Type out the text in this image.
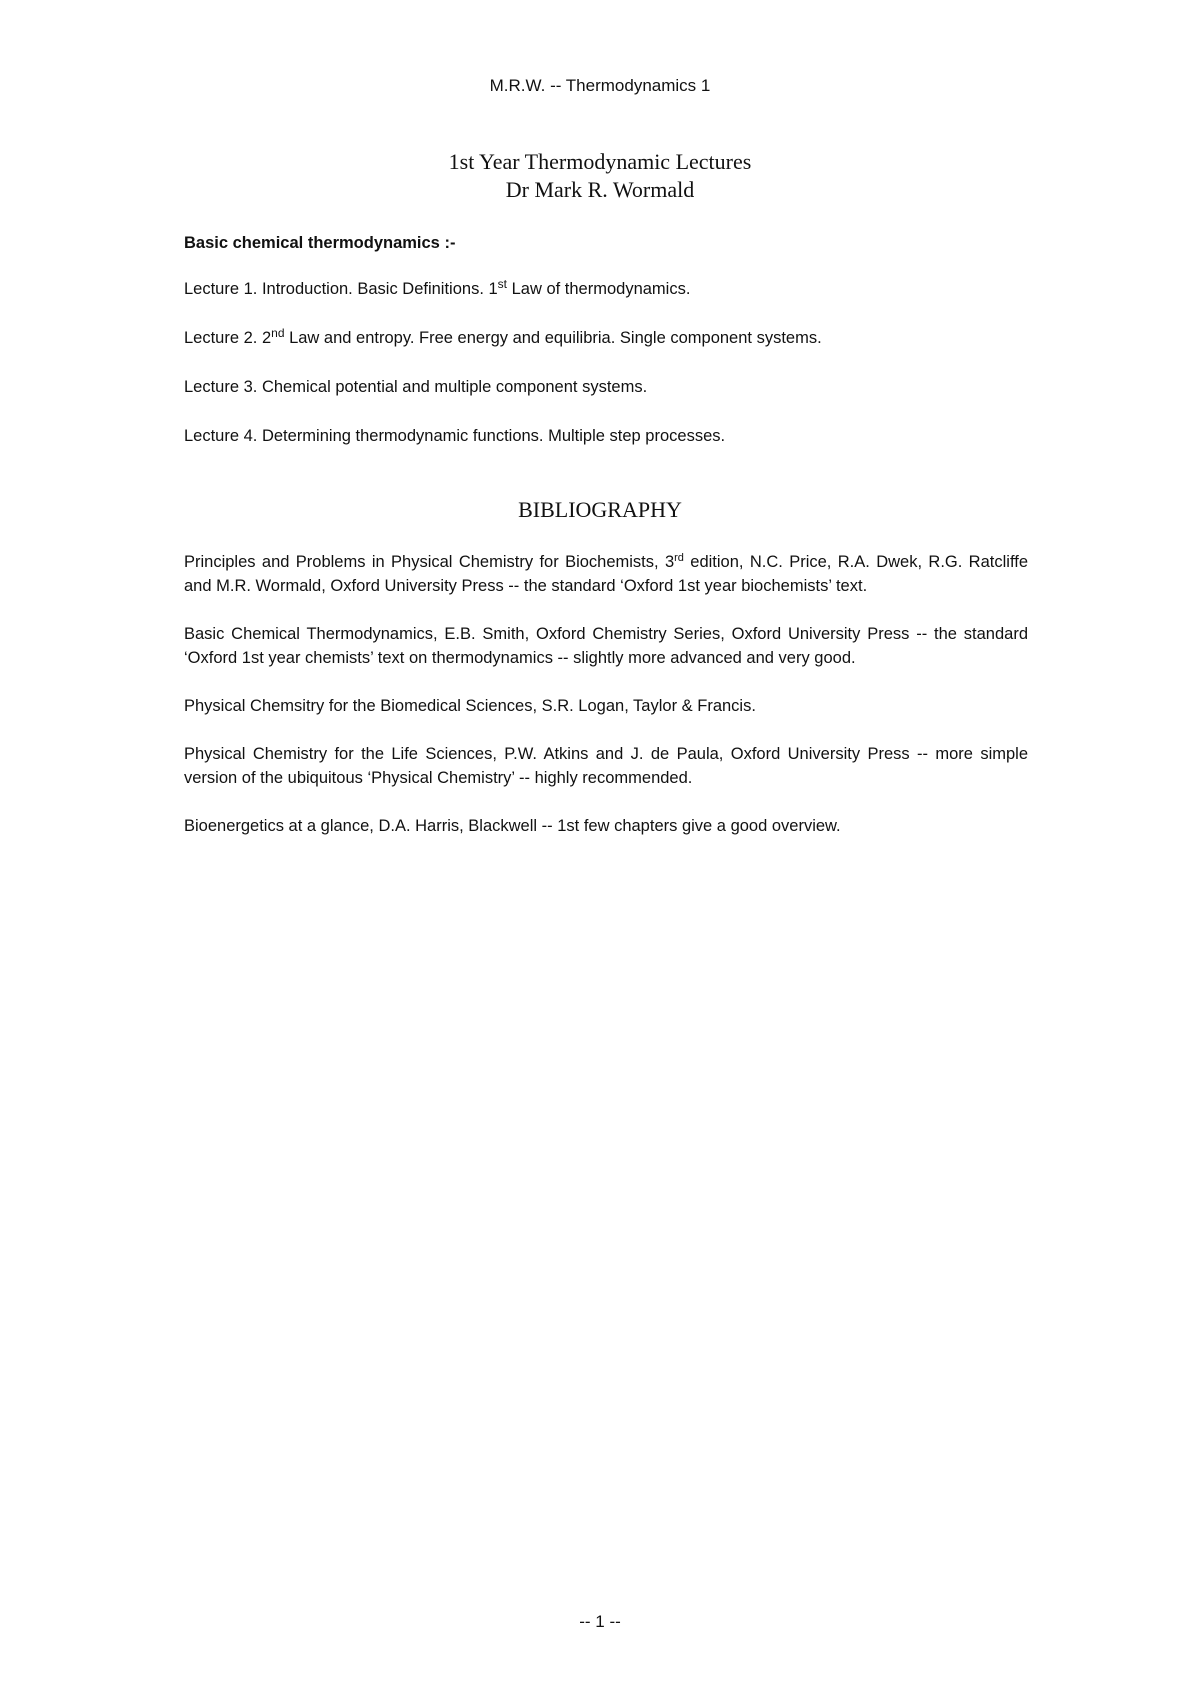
M.R.W. -- Thermodynamics 1
1st Year Thermodynamic Lectures
Dr Mark R. Wormald
Basic chemical thermodynamics :-

Lecture 1. Introduction. Basic Definitions. 1st Law of thermodynamics.

Lecture 2. 2nd Law and entropy. Free energy and equilibria. Single component systems.

Lecture 3. Chemical potential and multiple component systems.

Lecture 4. Determining thermodynamic functions. Multiple step processes.

BIBLIOGRAPHY

Principles and Problems in Physical Chemistry for Biochemists, 3rd edition, N.C. Price, R.A. Dwek, R.G. Ratcliffe and M.R. Wormald, Oxford University Press -- the standard ‘Oxford 1st year biochemists’ text.

Basic Chemical Thermodynamics, E.B. Smith, Oxford Chemistry Series, Oxford University Press -- the standard ‘Oxford 1st year chemists’ text on thermodynamics -- slightly more advanced and very good.

Physical Chemsitry for the Biomedical Sciences, S.R. Logan, Taylor & Francis.

Physical Chemistry for the Life Sciences, P.W. Atkins and J. de Paula, Oxford University Press -- more simple version of the ubiquitous ‘Physical Chemistry’ -- highly recommended.

Bioenergetics at a glance, D.A. Harris, Blackwell -- 1st few chapters give a good overview.

-- 1 --
